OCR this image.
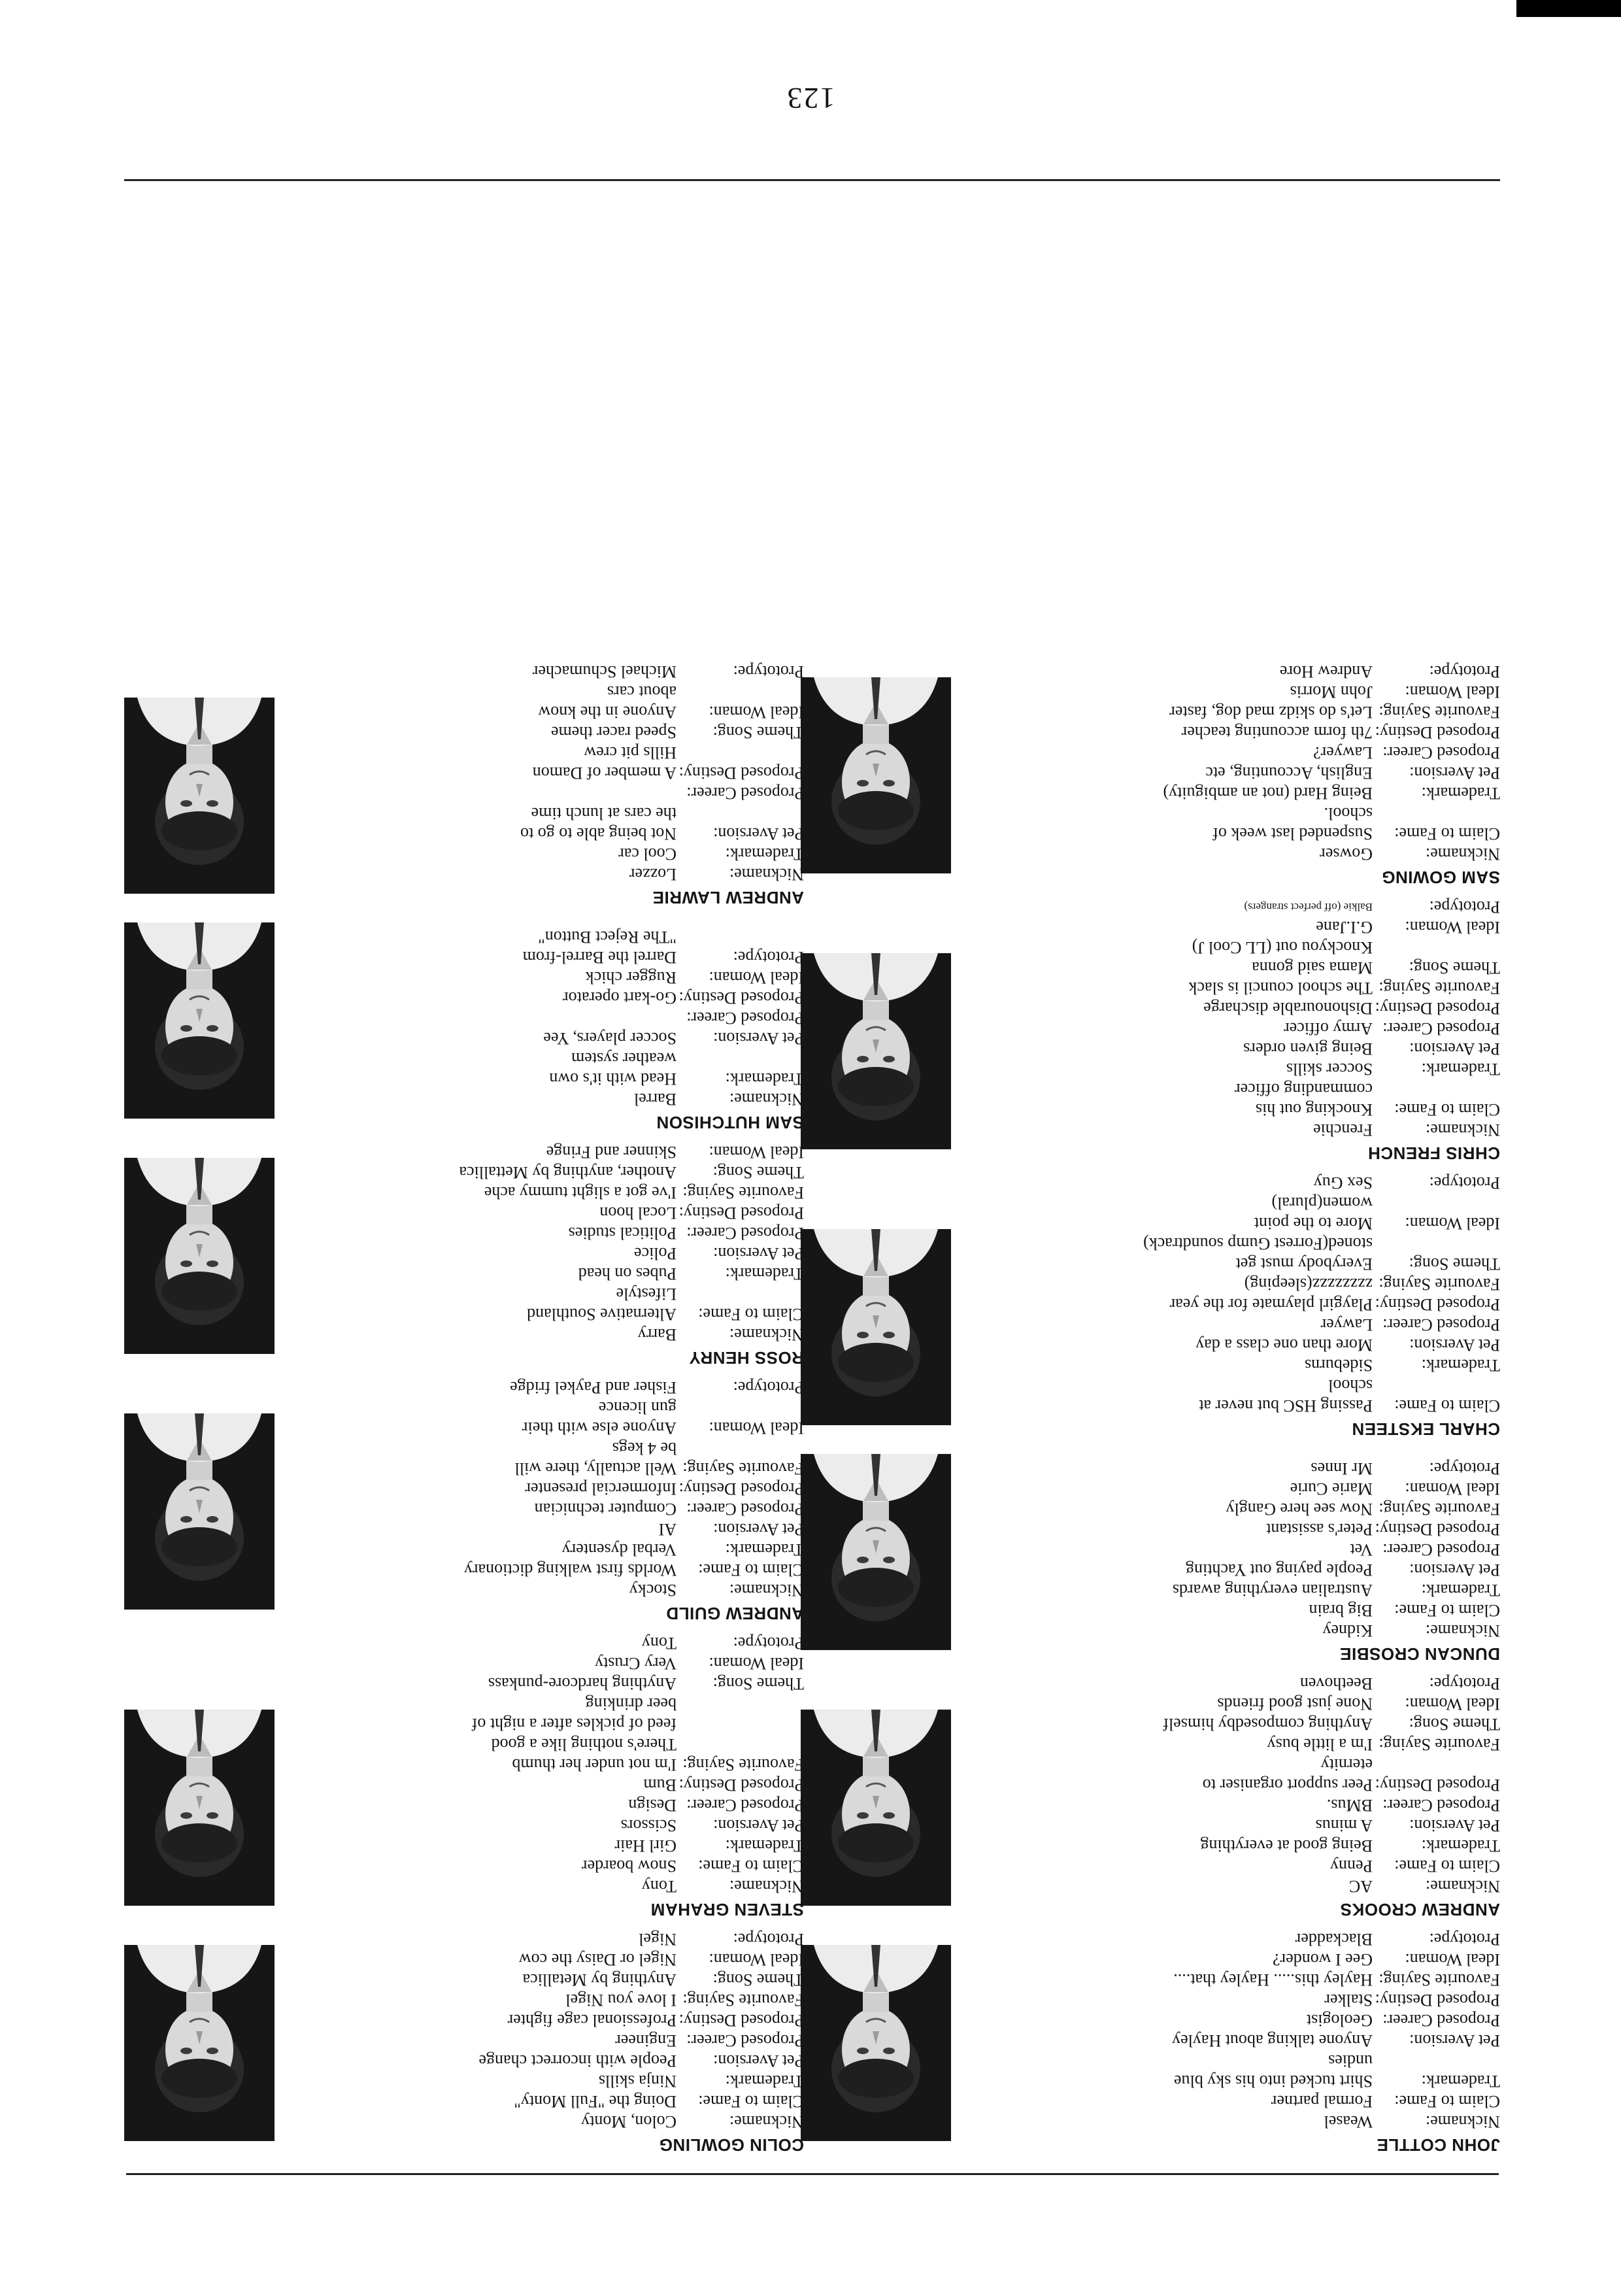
JOHN COTTLE
Nickname:
Weasel
Claim to Fame:
Formal partner
Trademark:
Shirt tucked into his sky blue
undies
Pet Aversion:
Anyone talking about Hayley
Proposed Career:
Geologist
Proposed Destiny:
Stalker
Favourite Saying:
Hayley this..... Hayley that....
Ideal Woman:
Gee I wonder?
Prototype:
Blackadder
ANDREW CROOKS
Nickname:
AC
Claim to Fame:
Penny
Trademark:
Being good at everything
Pet Aversion:
A minus
Proposed Career:
BMus.
Proposed Destiny:
Peer support organiser to
eternity
Favourite Saying:
I'm a little busy
Theme Song:
Anything composedby himself
Ideal Woman:
None just good friends
Prototype:
Beethoven
DUNCAN CROSBIE
Nickname:
Kidney
Claim to Fame:
Big brain
Trademark:
Australian everything awards
Pet Aversion:
People paying out Yachting
Proposed Career:
Vet
Proposed Destiny:
Peter's assistant
Favourite Saying:
Now see here Gangly
Ideal Woman:
Marie Curie
Prototype:
Mr Innes
CHARL EKSTEEN
Claim to Fame:
Passing HSC but never at
school
Trademark:
Sideburns
Pet Aversion:
More than one class a day
Proposed Career:
Lawyer
Proposed Destiny:
Playgirl playmate for the year
Favourite Saying:
zzzzzzzz(sleeping)
Theme Song:
Everybody must get
stoned(Forrest Gump soundtrack)
Ideal Woman:
More to the point
women(plural)
Prototype:
Sex Guy
CHRIS FRENCH
Nickname:
Frenchie
Claim to Fame:
Knocking out his
commanding officer
Trademark:
Soccer skills
Pet Aversion:
Being given orders
Proposed Career:
Army officer
Proposed Destiny:
Dishonourable discharge
Favourite Saying:
The school council is slack
Theme Song:
Mama said gonna
Knockyou out (LL Cool J)
Ideal Woman:
G.I.Jane
Prototype:
Balkie (off perfect strangers)
SAM GOWING
Nickname:
Gowser
Claim to Fame:
Suspended last week of
school.
Trademark:
Being Hard (not an ambiguity)
Pet Aversion:
English, Accounting, etc
Proposed Career:
Lawyer?
Proposed Destiny:
7th form accounting teacher
Favourite Saying:
Let's do skidz mad dog, faster
Ideal Woman:
John Morris
Prototype:
Andrew Hore
COLIN GOWLING
Nickname:
Colon, Monty
Claim to Fame:
Doing the "Full Monty"
Trademark:
Ninja skills
Pet Aversion:
People with incorrect change
Proposed Career:
Engineer
Proposed Destiny:
Professional cage fighter
Favourite Saying:
I love you Nigel
Theme Song:
Anything by Metallica
Ideal Woman:
Nigel or Daisy the cow
Prototype:
Nigel
STEVEN GRAHAM
Nickname:
Tony
Claim to Fame:
Snow boarder
Trademark:
Girl Hair
Pet Aversion:
Scissors
Proposed Career:
Design
Proposed Destiny:
Bum
Favourite Saying:
I'm not under her thumb
There's nothing like a good
feed of pickles after a night of
beer drinking
Theme Song:
Anything hardcore-punkass
Ideal Woman:
Very Crusty
Prototype:
Tony
ANDREW GUILD
Nickname:
Stocky
Claim to Fame:
Worlds first walking dictionary
Trademark:
Verbal dysentery
Pet Aversion:
AI
Proposed Career:
Computer technician
Proposed Destiny:
Informercial presenter
Favourite Saying:
Well actually, there will
be 4 kegs
Ideal Woman:
Anyone else with their
gun licence
Prototype:
Fisher and Paykel fridge
ROSS HENRY
Nickname:
Barry
Claim to Fame:
Alternative Southland
Lifestyle
Trademark:
Pubes on head
Pet Aversion:
Police
Proposed Career:
Political studies
Proposed Destiny:
Local hoon
Favourite Saying:
I've got a slight tummy ache
Theme Song:
Another, anything by Mettallica
Ideal Woman:
Skinner and Fringe
SAM HUTCHISON
Nickname:
Barrel
Trademark:
Head with it's own
weather system
Pet Aversion:
Soccer players, Yee
Proposed Career:
Proposed Destiny:
Go-kart operator
Ideal Woman:
Rugger chick
Prototype:
Darrel the Barrel-from
"The Reject Button"
ANDREW LAWRIE
Nickname:
Lozzer
Trademark:
Cool car
Pet Aversion:
Not being able to go to
the cars at lunch time
Proposed Career:
Proposed Destiny:
A member of Damon
Hills pit crew
Theme Song:
Speed racer theme
Ideal Woman:
Anyone in the know
about cars
Prototype:
Michael Schumacher
123
